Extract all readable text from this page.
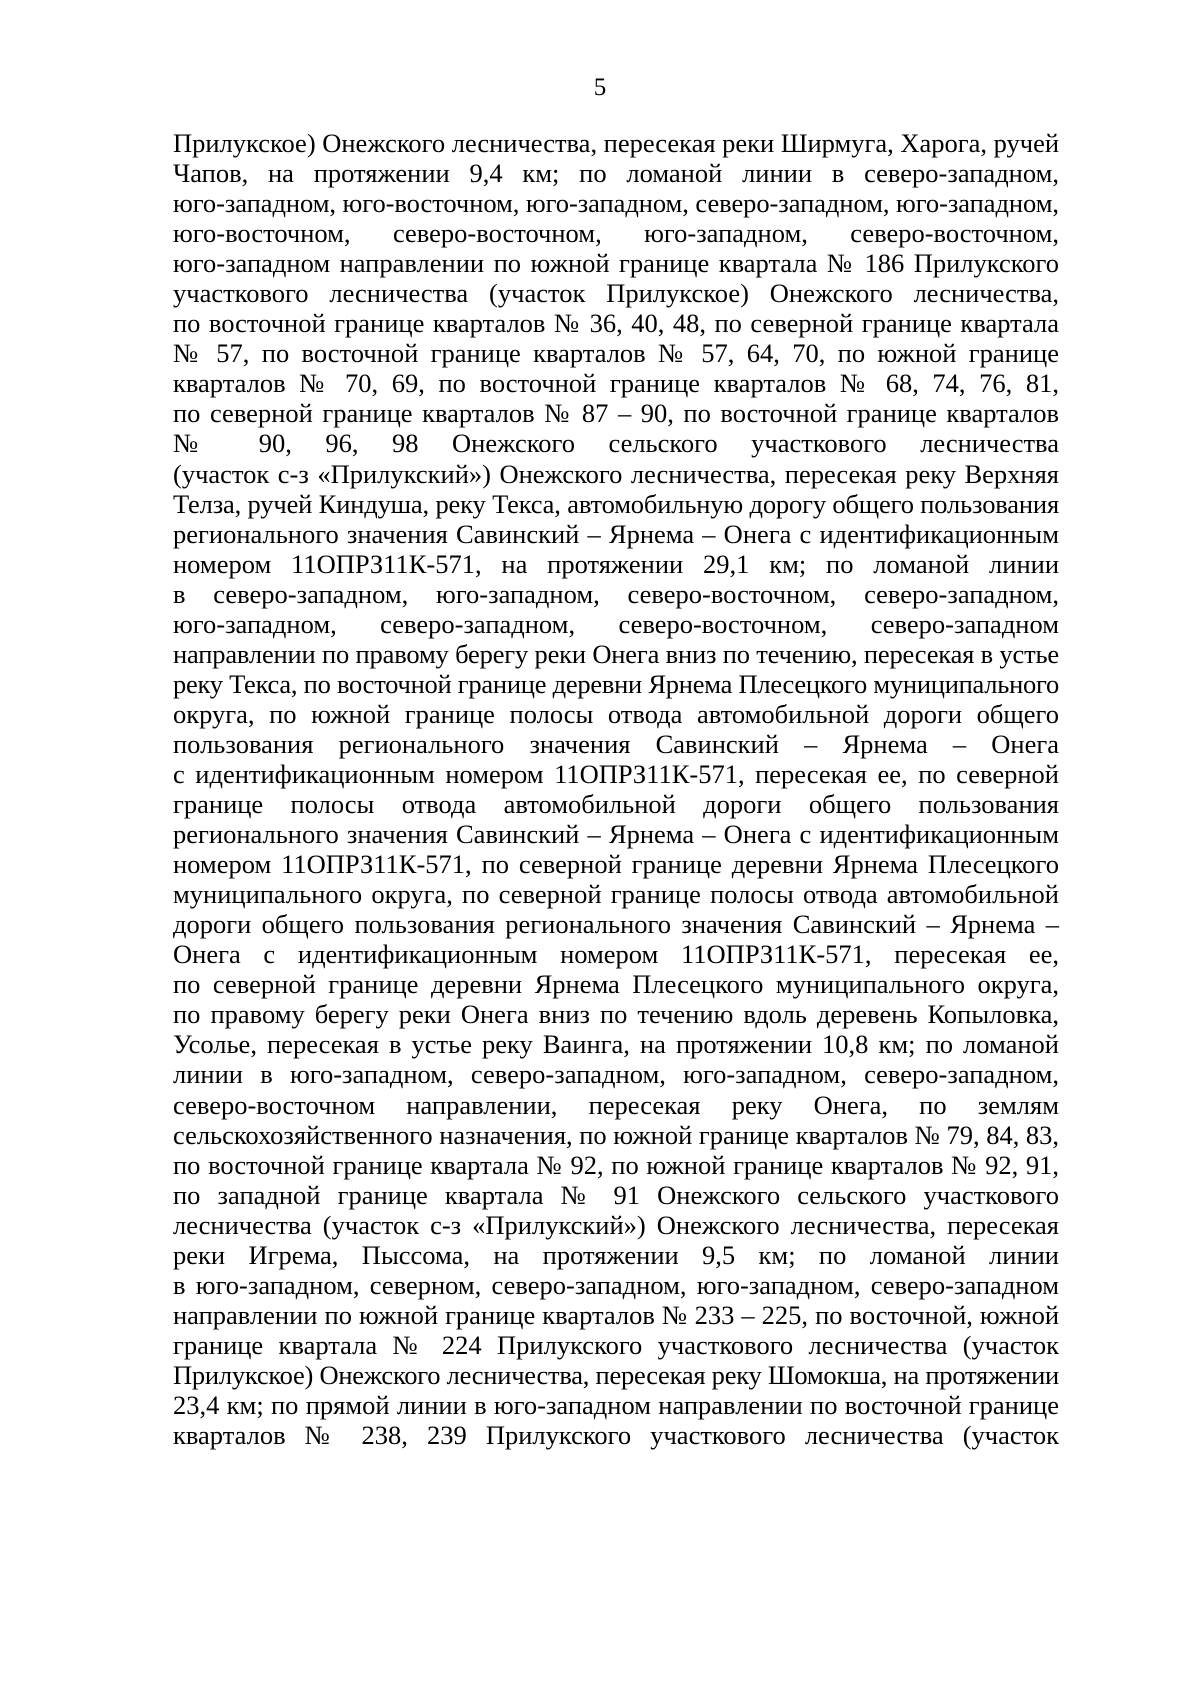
5
Прилукское) Онежского лесничества, пересекая реки Ширмуга, Харога, ручей
Чапов, на протяжении 9,4 км; по ломаной линии в северо-западном,
юго-западном, юго-восточном, юго-западном, северо-западном, юго-западном,
юго-восточном, северо-восточном, юго-западном, северо-восточном,
юго-западном направлении по южной границе квартала № 186 Прилукского
участкового лесничества (участок Прилукское) Онежского лесничества,
по восточной границе кварталов № 36, 40, 48, по северной границе квартала
№ 57, по восточной границе кварталов № 57, 64, 70, по южной границе
кварталов № 70, 69, по восточной границе кварталов № 68, 74, 76, 81,
по северной границе кварталов № 87 – 90, по восточной границе кварталов
№ 90, 96, 98 Онежского сельского участкового лесничества
(участок с-з «Прилукский») Онежского лесничества, пересекая реку Верхняя
Телза, ручей Киндуша, реку Текса, автомобильную дорогу общего пользования
регионального значения Савинский – Ярнема – Онега с идентификационным
номером 11ОПРЗ11К-571, на протяжении 29,1 км; по ломаной линии
в северо-западном, юго-западном, северо-восточном, северо-западном,
юго-западном, северо-западном, северо-восточном, северо-западном
направлении по правому берегу реки Онега вниз по течению, пересекая в устье
реку Текса, по восточной границе деревни Ярнема Плесецкого муниципального
округа, по южной границе полосы отвода автомобильной дороги общего
пользования регионального значения Савинский – Ярнема – Онега
с идентификационным номером 11ОПРЗ11К-571, пересекая ее, по северной
границе полосы отвода автомобильной дороги общего пользования
регионального значения Савинский – Ярнема – Онега с идентификационным
номером 11ОПРЗ11К-571, по северной границе деревни Ярнема Плесецкого
муниципального округа, по северной границе полосы отвода автомобильной
дороги общего пользования регионального значения Савинский – Ярнема –
Онега с идентификационным номером 11ОПРЗ11К-571, пересекая ее,
по северной границе деревни Ярнема Плесецкого муниципального округа,
по правому берегу реки Онега вниз по течению вдоль деревень Копыловка,
Усолье, пересекая в устье реку Ваинга, на протяжении 10,8 км; по ломаной
линии в юго-западном, северо-западном, юго-западном, северо-западном,
северо-восточном направлении, пересекая реку Онега, по землям
сельскохозяйственного назначения, по южной границе кварталов № 79, 84, 83,
по восточной границе квартала № 92, по южной границе кварталов № 92, 91,
по западной границе квартала № 91 Онежского сельского участкового
лесничества (участок с-з «Прилукский») Онежского лесничества, пересекая
реки Игрема, Пыссома, на протяжении 9,5 км; по ломаной линии
в юго-западном, северном, северо-западном, юго-западном, северо-западном
направлении по южной границе кварталов № 233 – 225, по восточной, южной
границе квартала № 224 Прилукского участкового лесничества (участок
Прилукское) Онежского лесничества, пересекая реку Шомокша, на протяжении
23,4 км; по прямой линии в юго-западном направлении по восточной границе
кварталов № 238, 239 Прилукского участкового лесничества (участок
